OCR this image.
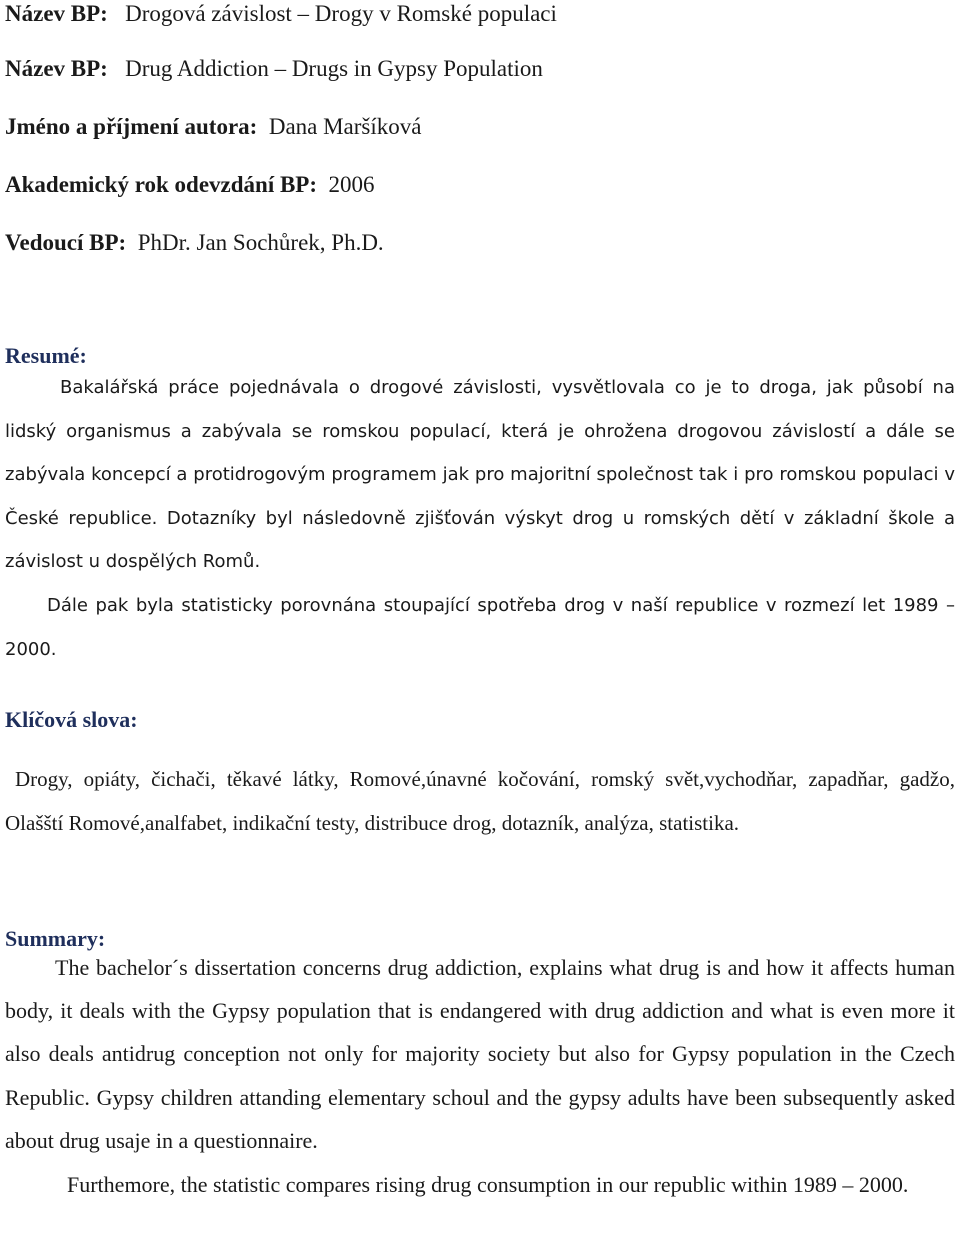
Název BP: Drogová závislost – Drogy v Romské populaci
Název BP: Drug Addiction – Drugs in Gypsy Population
Jméno a příjmení autora: Dana Maršíková
Akademický rok odevzdání BP: 2006
Vedoucí BP: PhDr. Jan Sochůrek, Ph.D.
Resumé:
Bakalářská práce pojednávala o drogové závislosti, vysvětlovala co je to droga, jak působí na lidský organismus a zabývala se romskou populací, která je ohrožena drogovou závislostí a dále se zabývala koncepcí a protidrogovým programem jak pro majoritní společnost tak i pro romskou populaci v České republice. Dotazníky byl následovně zjišťován výskyt drog u romských dětí v základní škole a závislost u dospělých Romů.
Dále pak byla statisticky porovnána stoupající spotřeba drog v naší republice v rozmezí let 1989 – 2000.
Klíčová slova:
Drogy, opiáty, čichači, těkavé látky, Romové,únavné kočování, romský svět,vychodňar, zapadňar, gadžo, Olašští Romové,analfabet, indikační testy, distribuce drog, dotazník, analýza, statistika.
Summary:
The bachelor´s dissertation concerns drug addiction, explains what drug is and how it affects human body, it deals with the Gypsy population that is endangered with drug addiction and what is even more it also deals antidrug conception not only for majority society but also for Gypsy population in the Czech Republic. Gypsy children attanding elementary schoul and the gypsy adults have been subsequently asked about drug usaje in a questionnaire.
Furthemore, the statistic compares rising drug consumption in our republic within 1989 – 2000.
